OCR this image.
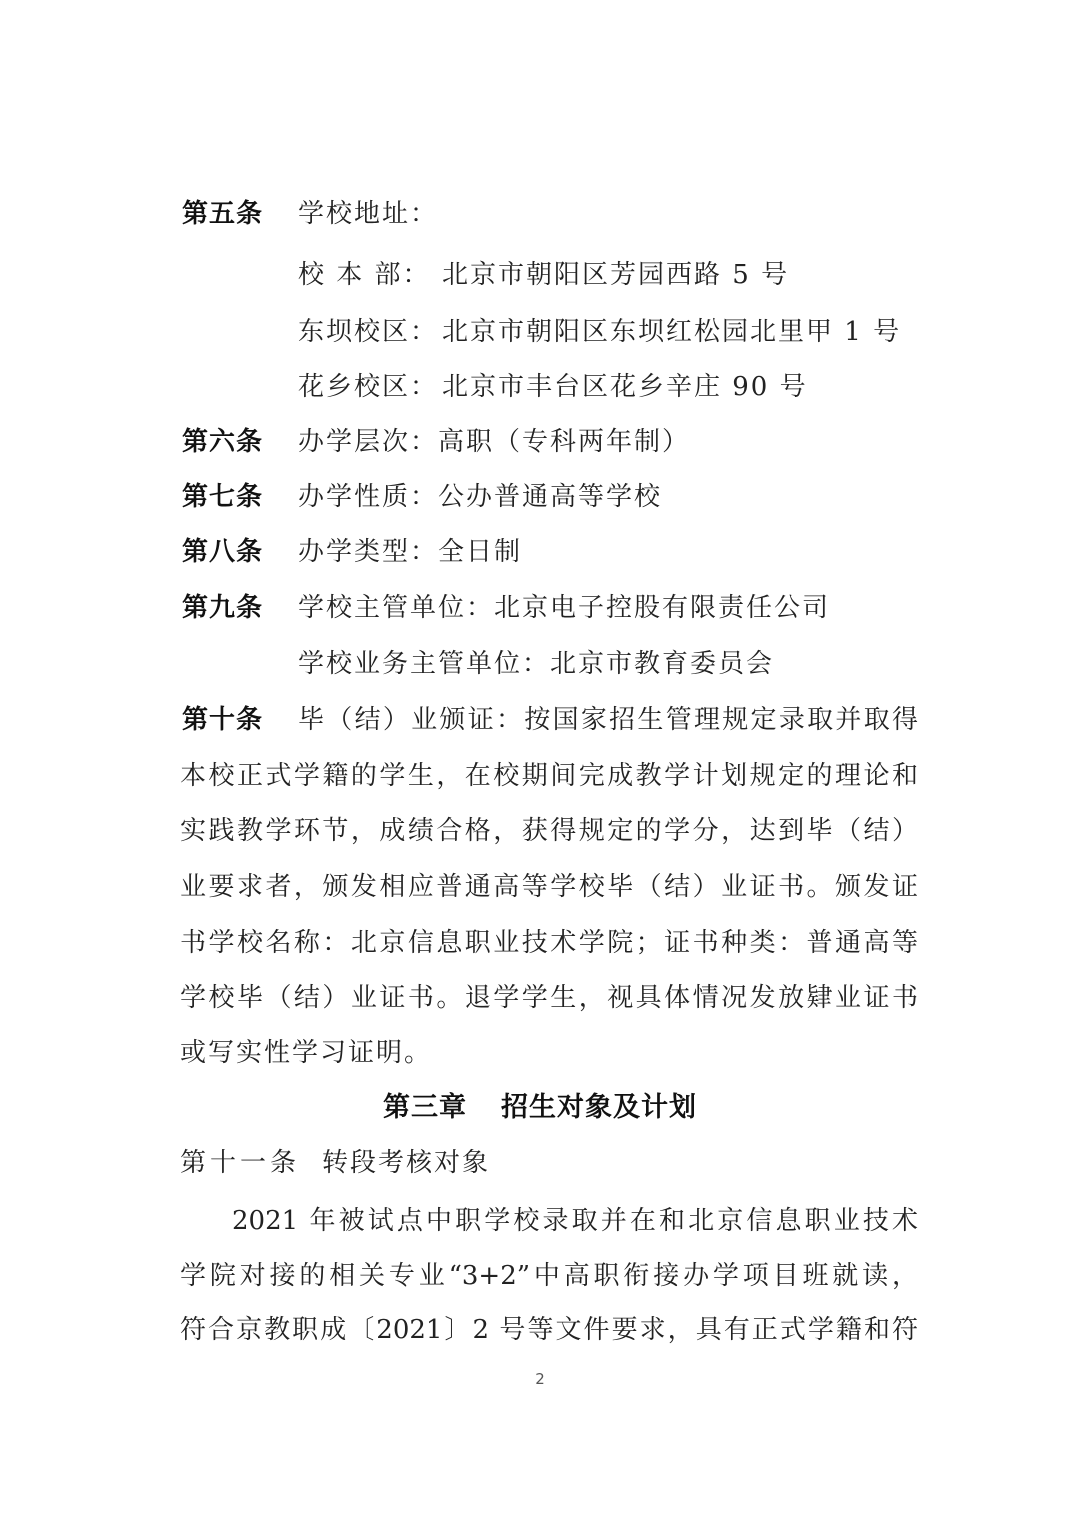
第五条 学校地址：
校 本 部： 北京市朝阳区芳园西路 5 号
东坝校区： 北京市朝阳区东坝红松园北里甲 1 号
花乡校区： 北京市丰台区花乡辛庄 90 号
第六条 办学层次：高职（专科两年制）
第七条 办学性质：公办普通高等学校
第八条 办学类型：全日制
第九条 学校主管单位：北京电子控股有限责任公司
学校业务主管单位：北京市教育委员会
第十条 毕（结）业颁证：按国家招生管理规定录取并取得
本校正式学籍的学生，在校期间完成教学计划规定的理论和
实践教学环节，成绩合格，获得规定的学分，达到毕（结）
业要求者，颁发相应普通高等学校毕（结）业证书。颁发证
书学校名称：北京信息职业技术学院；证书种类：普通高等
学校毕（结）业证书。退学学生，视具体情况发放肄业证书
或写实性学习证明。
第三章 招生对象及计划
第十一条 转段考核对象
2021 年被试点中职学校录取并在和北京信息职业技术
学院对接的相关专业“3+2”中高职衔接办学项目班就读，
符合京教职成〔2021〕2 号等文件要求，具有正式学籍和符
2
